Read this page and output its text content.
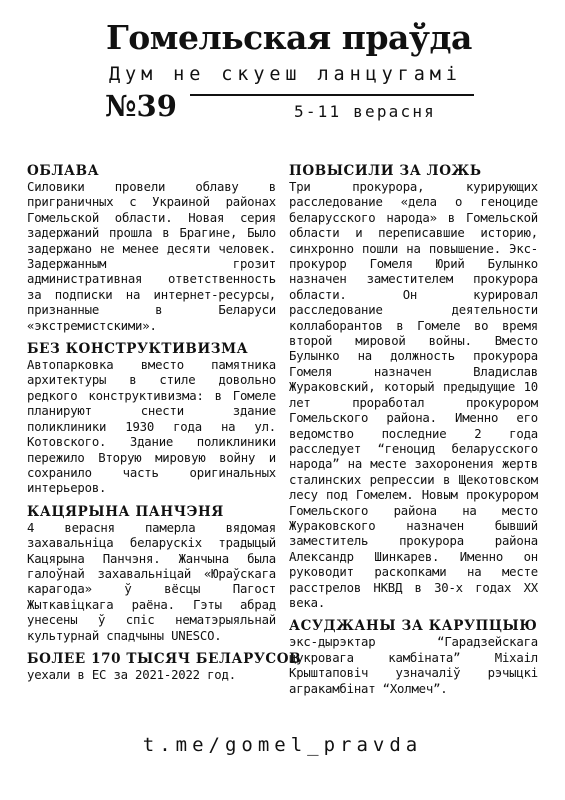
Гомельская праўда
Дум не скуеш ланцугамі
№39	5-11 верасня
ОБЛАВА

Силовики провели облаву в приграничных с Украиной районах Гомельской области. Новая серия задержаний прошла в Брагине, Было задержано не менее десяти человек. Задержанным грозит административная ответственность за подписки на интернет-ресурсы, признанные в Беларуси «экстремистскими».

БЕЗ КОНСТРУКТИВИЗМА

Автопарковка вместо памятника архитектуры в стиле довольно редкого конструктивизма: в Гомеле планируют снести здание поликлиники 1930 года на ул. Котовского. Здание поликлиники пережило Вторую мировую войну и сохранило часть оригинальных интерьеров.

КАЦЯРЫНА ПАНЧЭНЯ

4 верасня памерла вядомая захавальніца беларускіх традыцый Кацярына Панчэня. Жанчына была галоўнай захавальніцай «Юраўскага карагода» ў вёсцы Пагост Жыткавіцкага раёна. Гэты абрад унесены ў спіс нематэрыяльнай культурнай спадчыны UNESCO.

БОЛЕЕ 170 ТЫСЯЧ БЕЛАРУСОВ

уехали в ЕС за 2021-2022 год.

ПОВЫСИЛИ ЗА ЛОЖЬ

Три прокурора, курирующих расследование «дела о геноциде беларусского народа» в Гомельской области и переписавшие историю, синхронно пошли на повышение. Экс-прокурор Гомеля Юрий Булынко назначен заместителем прокурора области. Он курировал расследование деятельности коллаборантов в Гомеле во время второй мировой войны. Вместо Булынко на должность прокурора Гомеля назначен Владислав Жураковский, который предыдущие 10 лет проработал прокурором Гомельского района. Именно его ведомство последние 2 года расследует “геноцид беларусского народа” на месте захоронения жертв сталинских репрессии в Щекотовском лесу под Гомелем. Новым прокурором Гомельского района на место Жураковского назначен бывший заместитель прокурора района Александр Шинкарев. Именно он руководит раскопками на месте расстрелов НКВД в 30-х годах XX века.

АСУДЖАНЫ ЗА КАРУПЦЫЮ

экс-дырэктар “Гарадзейскага цукровага камбіната” Міхаіл Крыштаповіч узначаліў рэчыцкі агракамбінат “Холмеч”.

t.me/gomel_pravda
